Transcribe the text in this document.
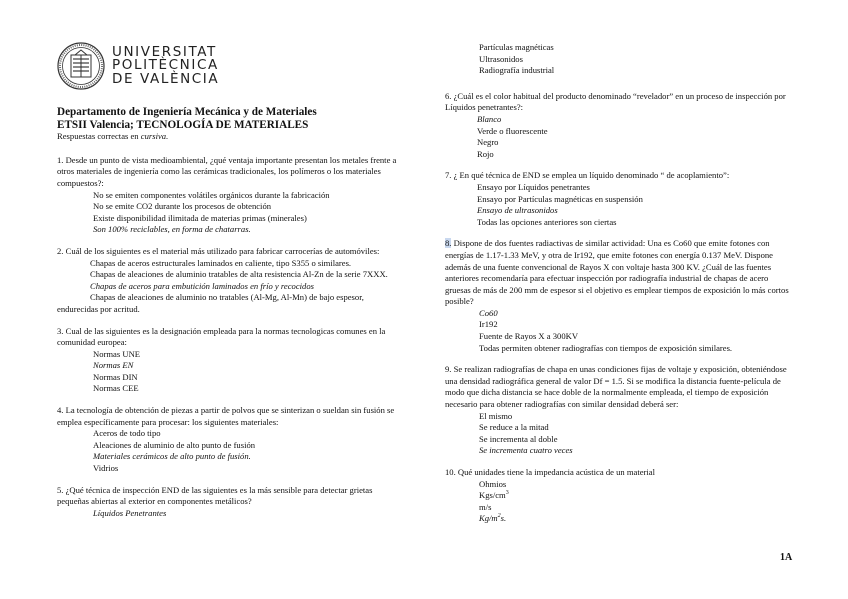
UNIVERSITAT
POLITÈCNICA
DE VALÈNCIA
Departamento de Ingeniería Mecánica y de Materiales
ETSII Valencia; TECNOLOGÍA DE MATERIALES
Respuestas correctas en cursiva.
1. Desde un punto de vista medioambiental, ¿qué ventaja importante presentan los metales frente a otros materiales de ingeniería como las cerámicas tradicionales, los polímeros o los materiales compuestos?:
No se emiten componentes volátiles orgánicos durante la fabricación
No se emite CO2 durante los procesos de obtención
Existe disponibilidad ilimitada de materias primas (minerales)
Son 100% reciclables, en forma de chatarras.
2. Cuál de los siguientes es el material más utilizado para fabricar carrocerías de automóviles:
Chapas de aceros estructurales laminados en caliente, tipo S355 o similares.
Chapas de aleaciones de aluminio tratables de alta resistencia Al-Zn de la serie 7XXX.
Chapas de aceros para embutición laminados en frío y recocidos
Chapas de aleaciones de aluminio no tratables (Al-Mg, Al-Mn) de bajo espesor, endurecidas por acritud.
3. Cual de las siguientes es la designación empleada para la normas tecnologicas comunes en la comunidad europea:
Normas UNE
Normas EN
Normas DIN
Normas CEE
4. La tecnología de obtención de piezas a partir de polvos que se sinterizan o sueldan sin fusión se emplea específicamente para procesar: los siguientes materiales:
Aceros de todo tipo
Aleaciones de aluminio de alto punto de fusión
Materiales cerámicos de alto punto de fusión.
Vidrios
5. ¿Qué técnica de inspección END de las siguientes es la más sensible para detectar grietas pequeñas abiertas al exterior en componentes metálicos?
Líquidos Penetrantes
Partículas magnéticas
Ultrasonidos
Radiografía industrial
6. ¿Cuál es el color habitual del producto denominado “revelador” en un proceso de inspección por Líquidos penetrantes?:
Blanco
Verde o fluorescente
Negro
Rojo
7. ¿ En qué técnica de END se emplea un líquido denominado “ de acoplamiento”:
Ensayo por Líquidos penetrantes
Ensayo por Partículas magnéticas en suspensión
Ensayo de ultrasonidos
Todas las opciones anteriores son ciertas
8. Dispone de dos fuentes radiactivas de similar actividad: Una es Co60 que emite fotones con energías de 1.17-1.33 MeV, y otra de Ir192, que emite fotones con energía 0.137 MeV. Dispone además de una fuente convencional de Rayos X con voltaje hasta 300 KV. ¿Cuál de las fuentes anteriores recomendaría para efectuar inspección por radiografía industrial de chapas de acero gruesas de más de 200 mm de espesor si el objetivo es emplear tiempos de exposición lo más cortos posible?
Co60
Ir192
Fuente de Rayos X a 300KV
Todas permiten obtener radiografías con tiempos de exposición similares.
9. Se realizan radiografías de chapa en unas condiciones fijas de voltaje y exposición, obteniéndose una densidad radiográfica general de valor Df = 1.5. Si se modifica la distancia fuente-película de modo que dicha distancia se hace doble de la normalmente empleada, el tiempo de exposición necesario para obtener radiografías con similar densidad deberá ser:
El mismo
Se reduce a la mitad
Se incrementa al doble
Se incrementa cuatro veces
10. Qué unidades tiene la impedancia acústica de un material
Ohmios
Kgs/$cm^3$
m/s
$Kg/m^2s$.
1A
